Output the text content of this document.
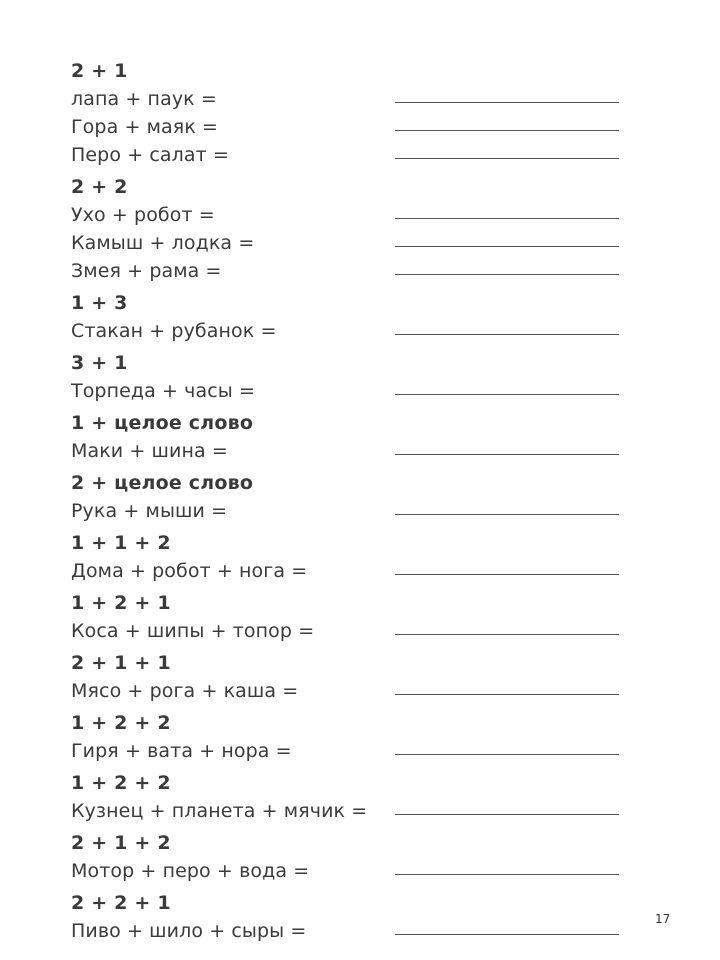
2 + 1
лапа + паук =
Гора + маяк =
Перо + салат =
2 + 2
Ухо + робот =
Камыш + лодка =
Змея + рама =
1 + 3
Стакан + рубанок =
3 + 1
Торпеда + часы =
1 + целое слово
Маки + шина =
2 + целое слово
Рука + мыши =
1 + 1 + 2
Дома + робот + нога =
1 + 2 + 1
Коса + шипы + топор =
2 + 1 + 1
Мясо + рога + каша =
1 + 2 + 2
Гиря + вата + нора =
1 + 2 + 2
Кузнец + планета + мячик =
2 + 1 + 2
Мотор + перо + вода =
2 + 2 + 1
Пиво + шило + сыры =
17
